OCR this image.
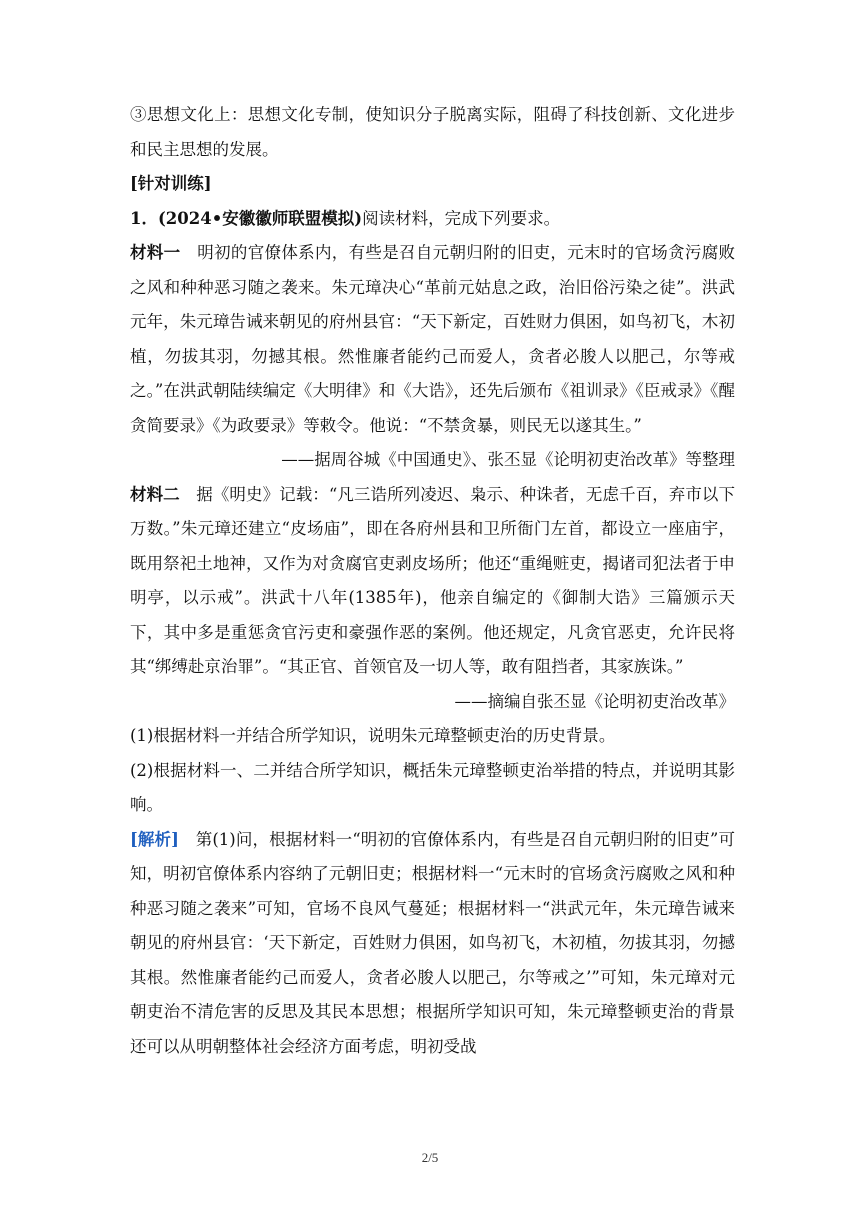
③思想文化上：思想文化专制，使知识分子脱离实际，阻碍了科技创新、文化进步和民主思想的发展。

[针对训练]

1．(2024•安徽徽师联盟模拟)阅读材料，完成下列要求。

材料一　明初的官僚体系内，有些是召自元朝归附的旧吏，元末时的官场贪污腐败之风和种种恶习随之袭来。朱元璋决心“革前元姑息之政，治旧俗污染之徒”。洪武元年，朱元璋告诫来朝见的府州县官：“天下新定，百姓财力俱困，如鸟初飞，木初植，勿拔其羽，勿撼其根。然惟廉者能约己而爱人，贪者必朘人以肥己，尔等戒之。”在洪武朝陆续编定《大明律》和《大诰》，还先后颁布《祖训录》《臣戒录》《醒贪简要录》《为政要录》等敕令。他说：“不禁贪暴，则民无以遂其生。”

——据周谷城《中国通史》、张丕显《论明初吏治改革》等整理

材料二　据《明史》记载：“凡三诰所列凌迟、枭示、种诛者，无虑千百，弃市以下万数。”朱元璋还建立“皮场庙”，即在各府州县和卫所衙门左首，都设立一座庙宇，既用祭祀土地神，又作为对贪腐官吏剥皮场所；他还“重绳赃吏，揭诸司犯法者于申明亭，以示戒”。洪武十八年(1385年)，他亲自编定的《御制大诰》三篇颁示天下，其中多是重惩贪官污吏和豪强作恶的案例。他还规定，凡贪官恶吏，允许民将其“绑缚赴京治罪”。“其正官、首领官及一切人等，敢有阻挡者，其家族诛。”

——摘编自张丕显《论明初吏治改革》

(1)根据材料一并结合所学知识，说明朱元璋整顿吏治的历史背景。

(2)根据材料一、二并结合所学知识，概括朱元璋整顿吏治举措的特点，并说明其影响。

[解析]　第(1)问，根据材料一“明初的官僚体系内，有些是召自元朝归附的旧吏”可知，明初官僚体系内容纳了元朝旧吏；根据材料一“元末时的官场贪污腐败之风和种种恶习随之袭来”可知，官场不良风气蔓延；根据材料一“洪武元年，朱元璋告诫来朝见的府州县官：‘天下新定，百姓财力俱困，如鸟初飞，木初植，勿拔其羽，勿撼其根。然惟廉者能约己而爱人，贪者必朘人以肥己，尔等戒之’”可知，朱元璋对元朝吏治不清危害的反思及其民本思想；根据所学知识可知，朱元璋整顿吏治的背景还可以从明朝整体社会经济方面考虑，明初受战

2/5
